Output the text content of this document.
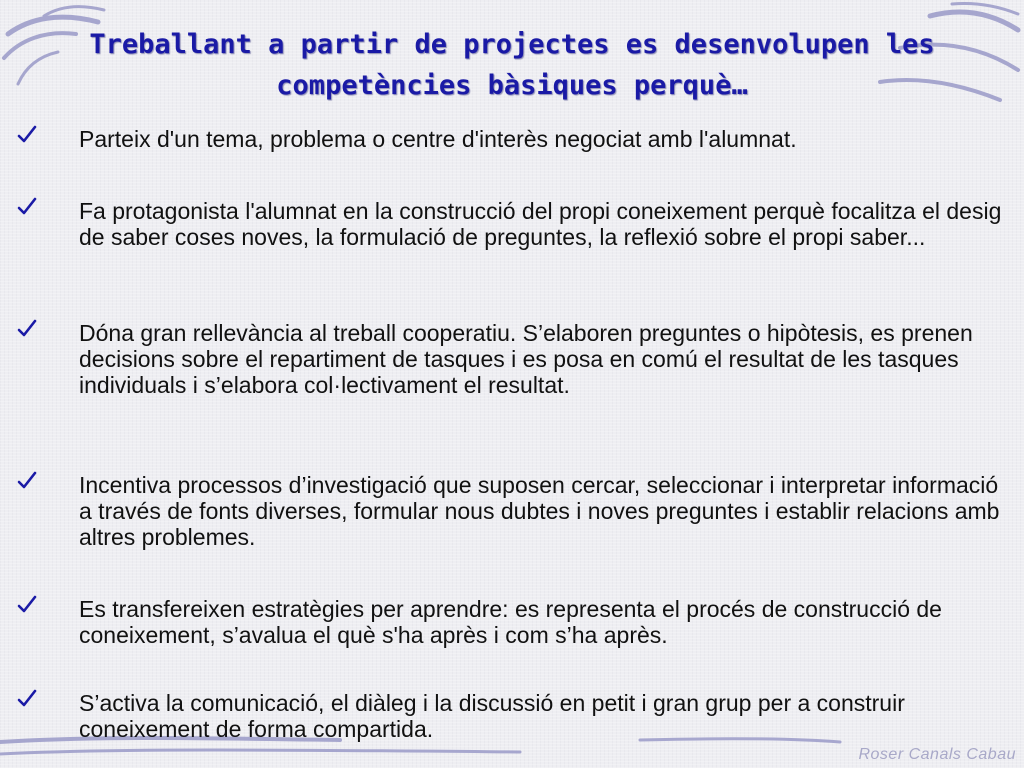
Treballant a partir de projectes es desenvolupen les
competències bàsiques perquè…
Parteix d'un tema, problema o centre d'interès negociat amb l'alumnat.
Fa protagonista l'alumnat en la construcció del propi coneixement perquè focalitza el desig de saber coses noves, la formulació de preguntes, la reflexió sobre el propi saber...
Dóna gran rellevància al treball cooperatiu. S’elaboren preguntes o hipòtesis, es prenen decisions sobre el repartiment de tasques i es posa en comú el resultat de les tasques individuals i s’elabora col·lectivament el resultat.
Incentiva processos d’investigació que suposen cercar, seleccionar i interpretar informació a través de fonts diverses, formular nous dubtes i noves preguntes i establir relacions amb altres problemes.
Es transfereixen estratègies per aprendre: es representa el procés de construcció de coneixement, s’avalua el què s'ha après i com s’ha après.
S’activa la comunicació, el diàleg i la discussió en petit i gran grup per a construir coneixement de forma compartida.
Roser Canals Cabau
